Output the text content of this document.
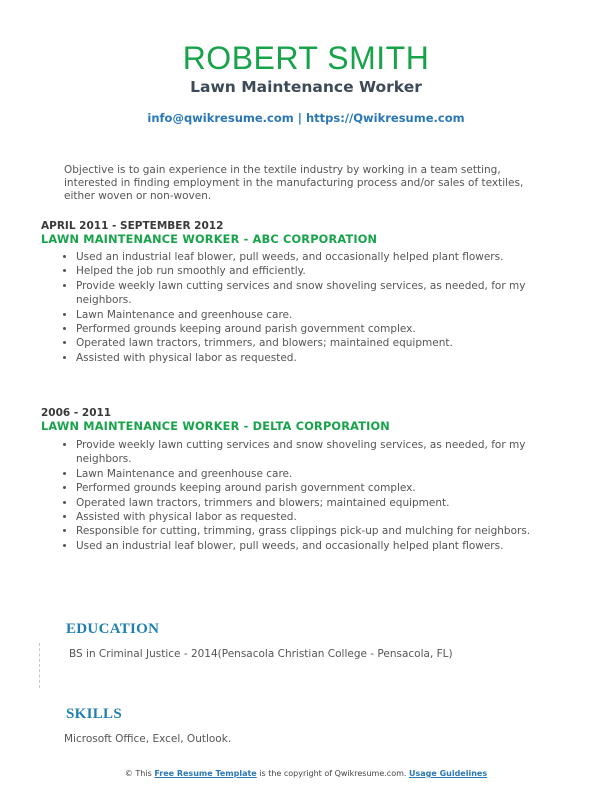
ROBERT SMITH
Lawn Maintenance Worker
info@qwikresume.com | https://Qwikresume.com
Objective is to gain experience in the textile industry by working in a team setting, interested in finding employment in the manufacturing process and/or sales of textiles, either woven or non-woven.
APRIL 2011 - SEPTEMBER 2012
LAWN MAINTENANCE WORKER - ABC CORPORATION
• Used an industrial leaf blower, pull weeds, and occasionally helped plant flowers.
• Helped the job run smoothly and efficiently.
• Provide weekly lawn cutting services and snow shoveling services, as needed, for my neighbors.
• Lawn Maintenance and greenhouse care.
• Performed grounds keeping around parish government complex.
• Operated lawn tractors, trimmers, and blowers; maintained equipment.
• Assisted with physical labor as requested.
2006 - 2011
LAWN MAINTENANCE WORKER - DELTA CORPORATION
• Provide weekly lawn cutting services and snow shoveling services, as needed, for my neighbors.
• Lawn Maintenance and greenhouse care.
• Performed grounds keeping around parish government complex.
• Operated lawn tractors, trimmers and blowers; maintained equipment.
• Assisted with physical labor as requested.
• Responsible for cutting, trimming, grass clippings pick-up and mulching for neighbors.
• Used an industrial leaf blower, pull weeds, and occasionally helped plant flowers.
EDUCATION
BS in Criminal Justice - 2014(Pensacola Christian College - Pensacola, FL)
SKILLS
Microsoft Office, Excel, Outlook.
© This Free Resume Template is the copyright of Qwikresume.com. Usage Guidelines
